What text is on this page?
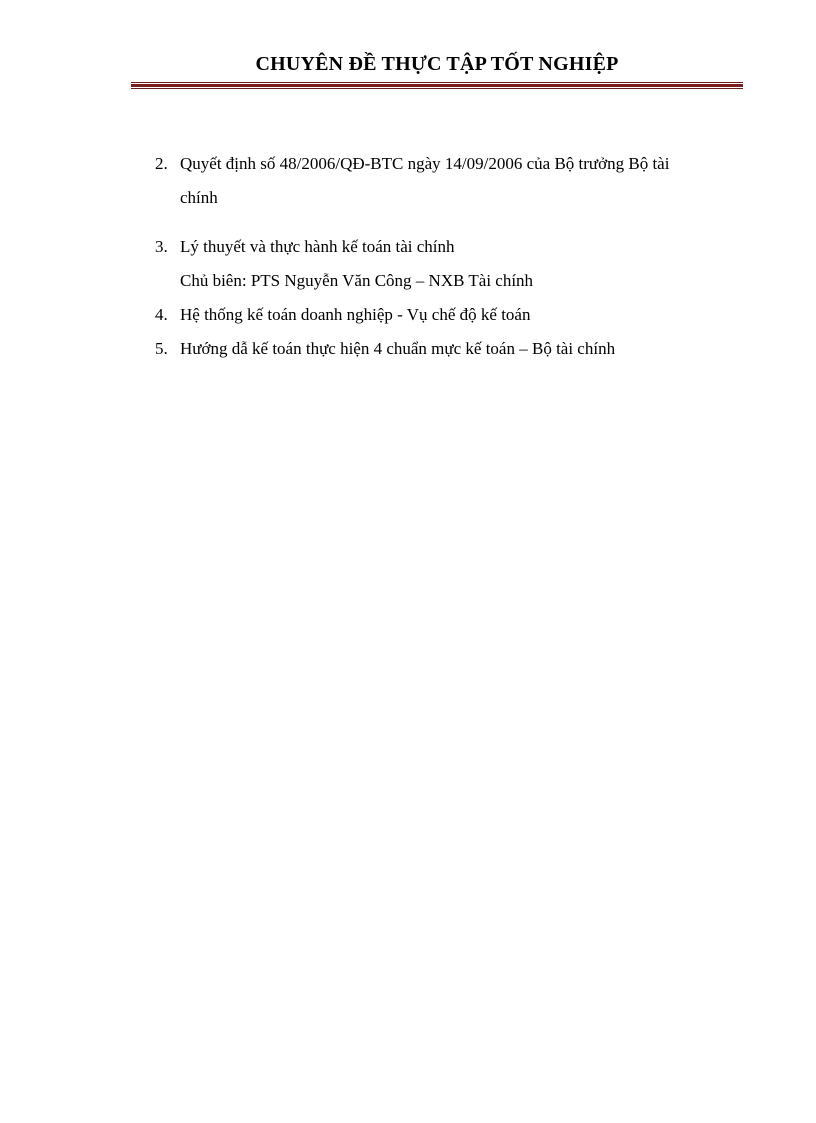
CHUYÊN ĐỀ THỰC TẬP TỐT NGHIỆP
2. Quyết định số 48/2006/QĐ-BTC ngày 14/09/2006 của Bộ trưởng Bộ tài
chính
3. Lý thuyết và thực hành kế toán tài chính
Chủ biên: PTS Nguyễn Văn Công – NXB Tài chính
4. Hệ thống kế toán doanh nghiệp - Vụ chế độ kế toán
5. Hướng dẫ kế toán thực hiện 4 chuẩn mực kế toán – Bộ tài chính
